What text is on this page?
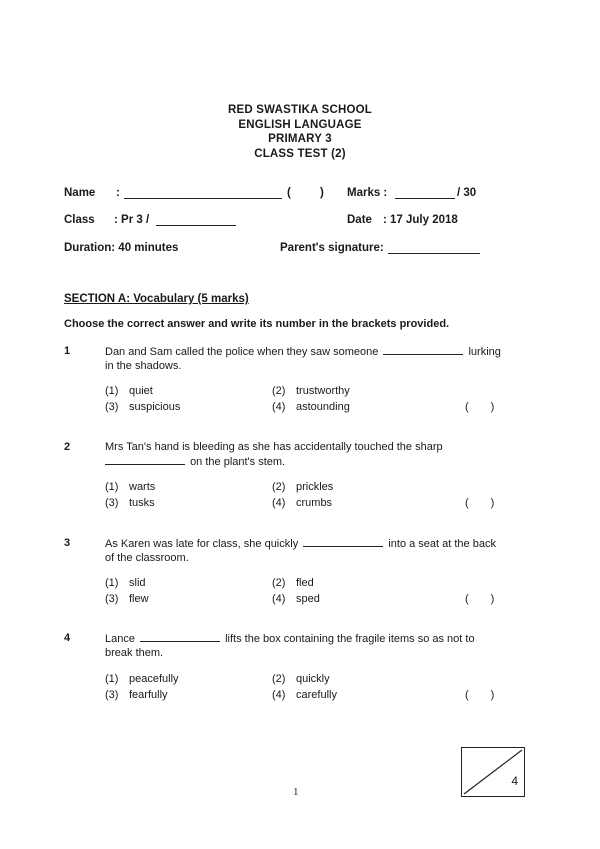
RED SWASTIKA SCHOOL
ENGLISH LANGUAGE
PRIMARY 3
CLASS TEST (2)
Name :	(	) Marks :	/ 30
Class : Pr 3 /	Date : 17 July 2018
Duration: 40 minutes	Parent's signature:
SECTION A: Vocabulary (5 marks)
Choose the correct answer and write its number in the brackets provided.
1	Dan and Sam called the police when they saw someone	lurking
in the shadows.
(1) quiet	(2) trustworthy
(3) suspicious	(4) astounding	( )
2	Mrs Tan's hand is bleeding as she has accidentally touched the sharp
on the plant's stem.
(1) warts	(2) prickles
(3) tusks	(4) crumbs	( )
3	As Karen was late for class, she quickly	into a seat at the back
of the classroom.
(1) slid	(2) fled
(3) flew	(4) sped	( )
4	Lance	lifts the box containing the fragile items so as not to
break them.
(1) peacefully	(2) quickly
(3) fearfully	(4) carefully	( )
4
1
